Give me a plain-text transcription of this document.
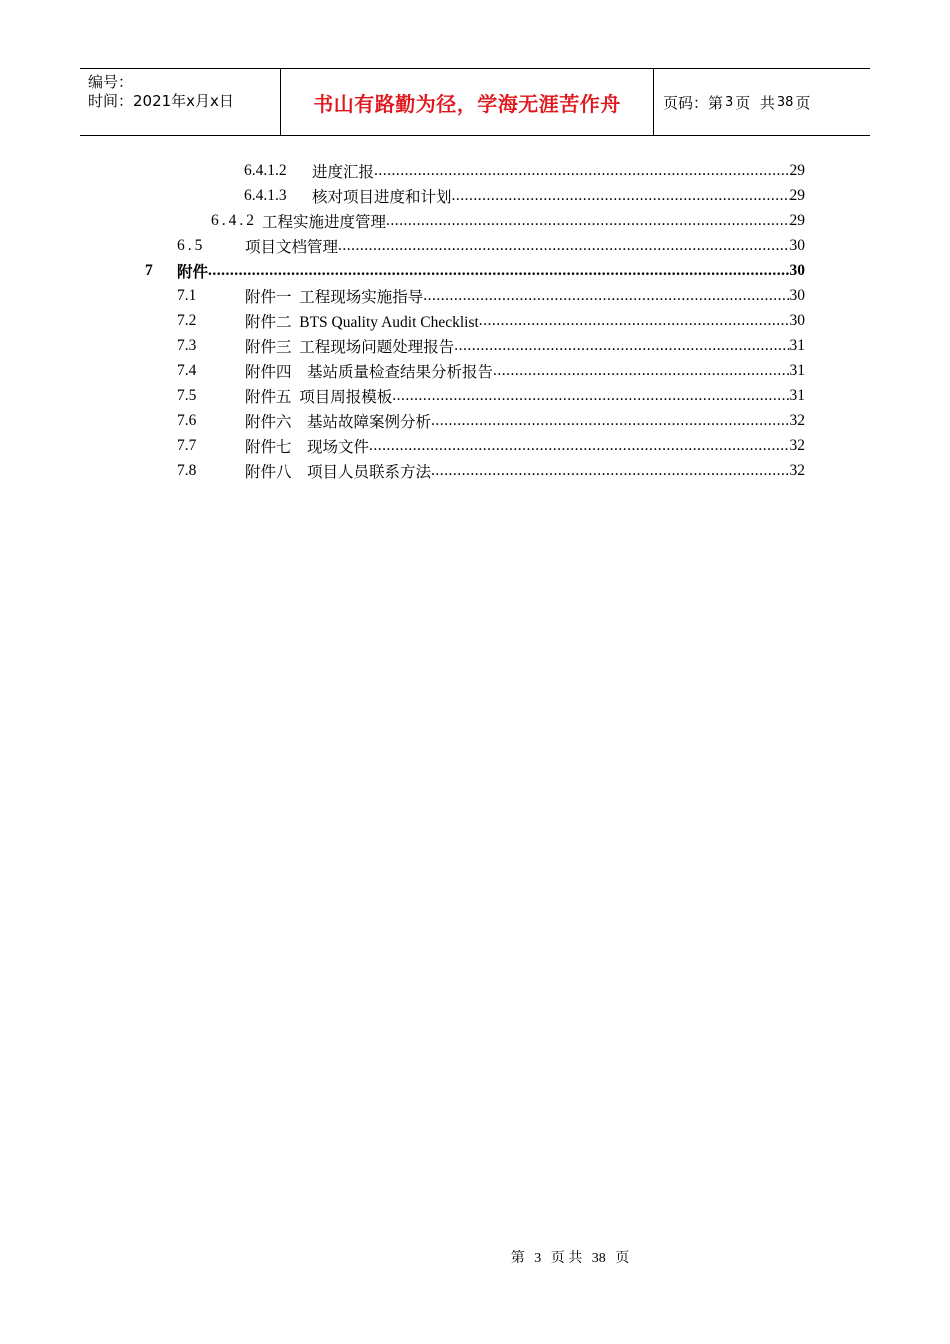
编号：
时间：2021年x月x日	书山有路勤为径，学海无涯苦作舟	页码：第 3 页  共 38 页
6.4.1.2 进度汇报 .....	29
6.4.1.3 核对项目进度和计划 .....	29
6.4.2 工程实施进度管理 .....	29
6.5	项目文档管理 .....	30
7 附件 .....	30
7.1	附件一  工程现场实施指导 .....	30
7.2	附件二  BTS Quality Audit Checklist .....	30
7.3	附件三  工程现场问题处理报告 .....	31
7.4	附件四    基站质量检查结果分析报告 .....	31
7.5	附件五  项目周报模板 .....	31
7.6	附件六    基站故障案例分析 .....	32
7.7	附件七    现场文件 .....	32
7.8	附件八    项目人员联系方法 .....	32
第 3 页 共 38 页
